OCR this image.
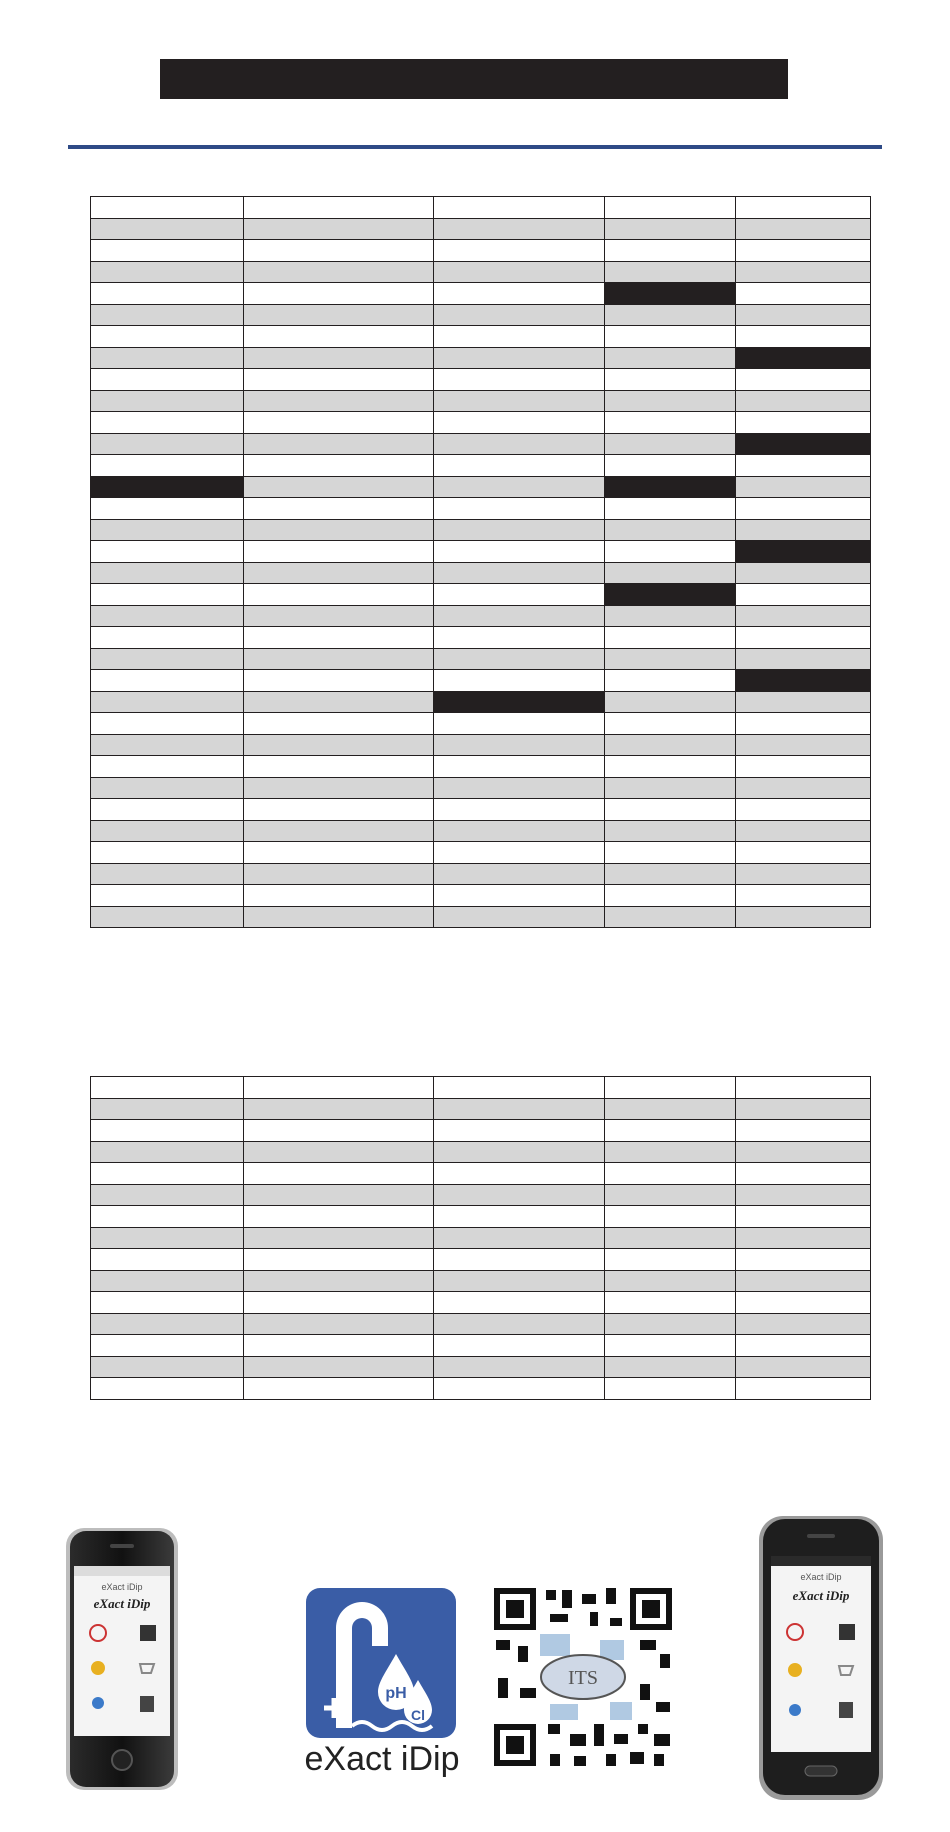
eXact iDip
eXact iDip
pH
Cl
eXact iDip
ITS
eXact iDip
eXact iDip
